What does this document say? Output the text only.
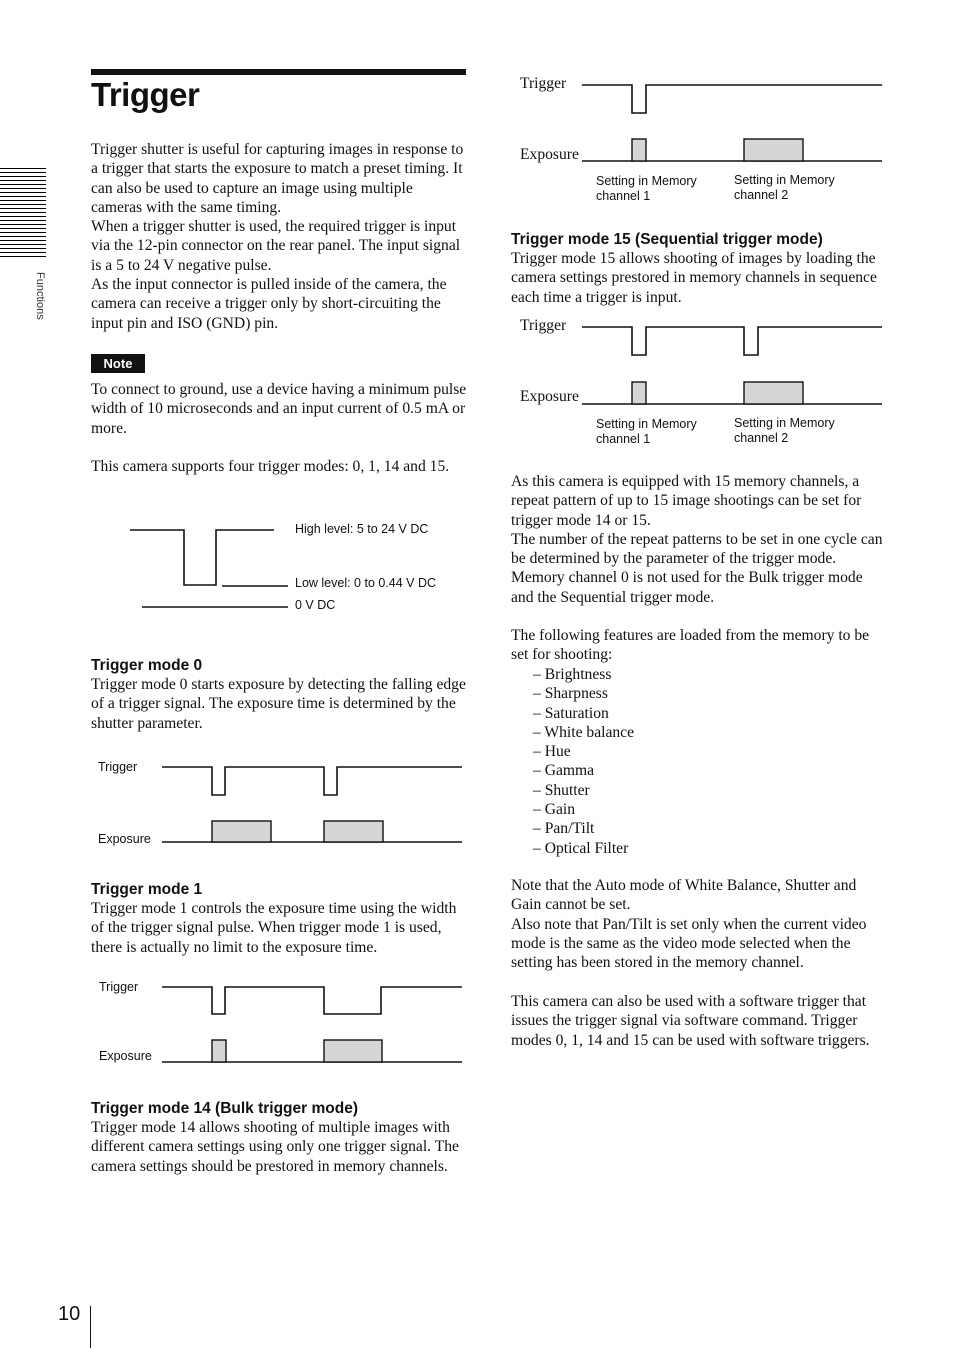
Functions
Trigger

Trigger shutter is useful for capturing images in response to a trigger that starts the exposure to match a preset timing. It can also be used to capture an image using multiple cameras with the same timing.

When a trigger shutter is used, the required trigger is input via the 12-pin connector on the rear panel. The input signal is a 5 to 24 V negative pulse.

As the input connector is pulled inside of the camera, the camera can receive a trigger only by short-circuiting the input pin and ISO (GND) pin.

Note

To connect to ground, use a device having a minimum pulse width of 10 microseconds and an input current of 0.5 mA or more.

This camera supports four trigger modes: 0, 1, 14 and 15.

High level: 5 to 24 V DC
Low level: 0 to 0.44 V DC
0 V DC
Trigger mode 0

Trigger mode 0 starts exposure by detecting the falling edge of a trigger signal. The exposure time is determined by the shutter parameter.

Trigger
Exposure
Trigger mode 1

Trigger mode 1 controls the exposure time using the width of the trigger signal pulse. When trigger mode 1 is used, there is actually no limit to the exposure time.

Trigger
Exposure
Trigger mode 14 (Bulk trigger mode)

Trigger mode 14 allows shooting of multiple images with different camera settings using only one trigger signal. The camera settings should be prestored in memory channels.

Trigger
Exposure
Setting in Memory
channel 1
Setting in Memory
channel 2
Trigger mode 15 (Sequential trigger mode)

Trigger mode 15 allows shooting of images by loading the camera settings prestored in memory channels in sequence each time a trigger is input.

Trigger
Exposure
Setting in Memory
channel 1
Setting in Memory
channel 2

As this camera is equipped with 15 memory channels, a repeat pattern of up to 15 image shootings can be set for trigger mode 14 or 15.

The number of the repeat patterns to be set in one cycle can be determined by the parameter of the trigger mode. Memory channel 0 is not used for the Bulk trigger mode and the Sequential trigger mode.

The following features are loaded from the memory to be set for shooting:

– Brightness
– Sharpness
– Saturation
– White balance
– Hue
– Gamma
– Shutter
– Gain
– Pan/Tilt
– Optical Filter

Note that the Auto mode of White Balance, Shutter and Gain cannot be set.

Also note that Pan/Tilt is set only when the current video mode is the same as the video mode selected when the setting has been stored in the memory channel.

This camera can also be used with a software trigger that issues the trigger signal via software command. Trigger modes 0, 1, 14 and 15 can be used with software triggers.

10
